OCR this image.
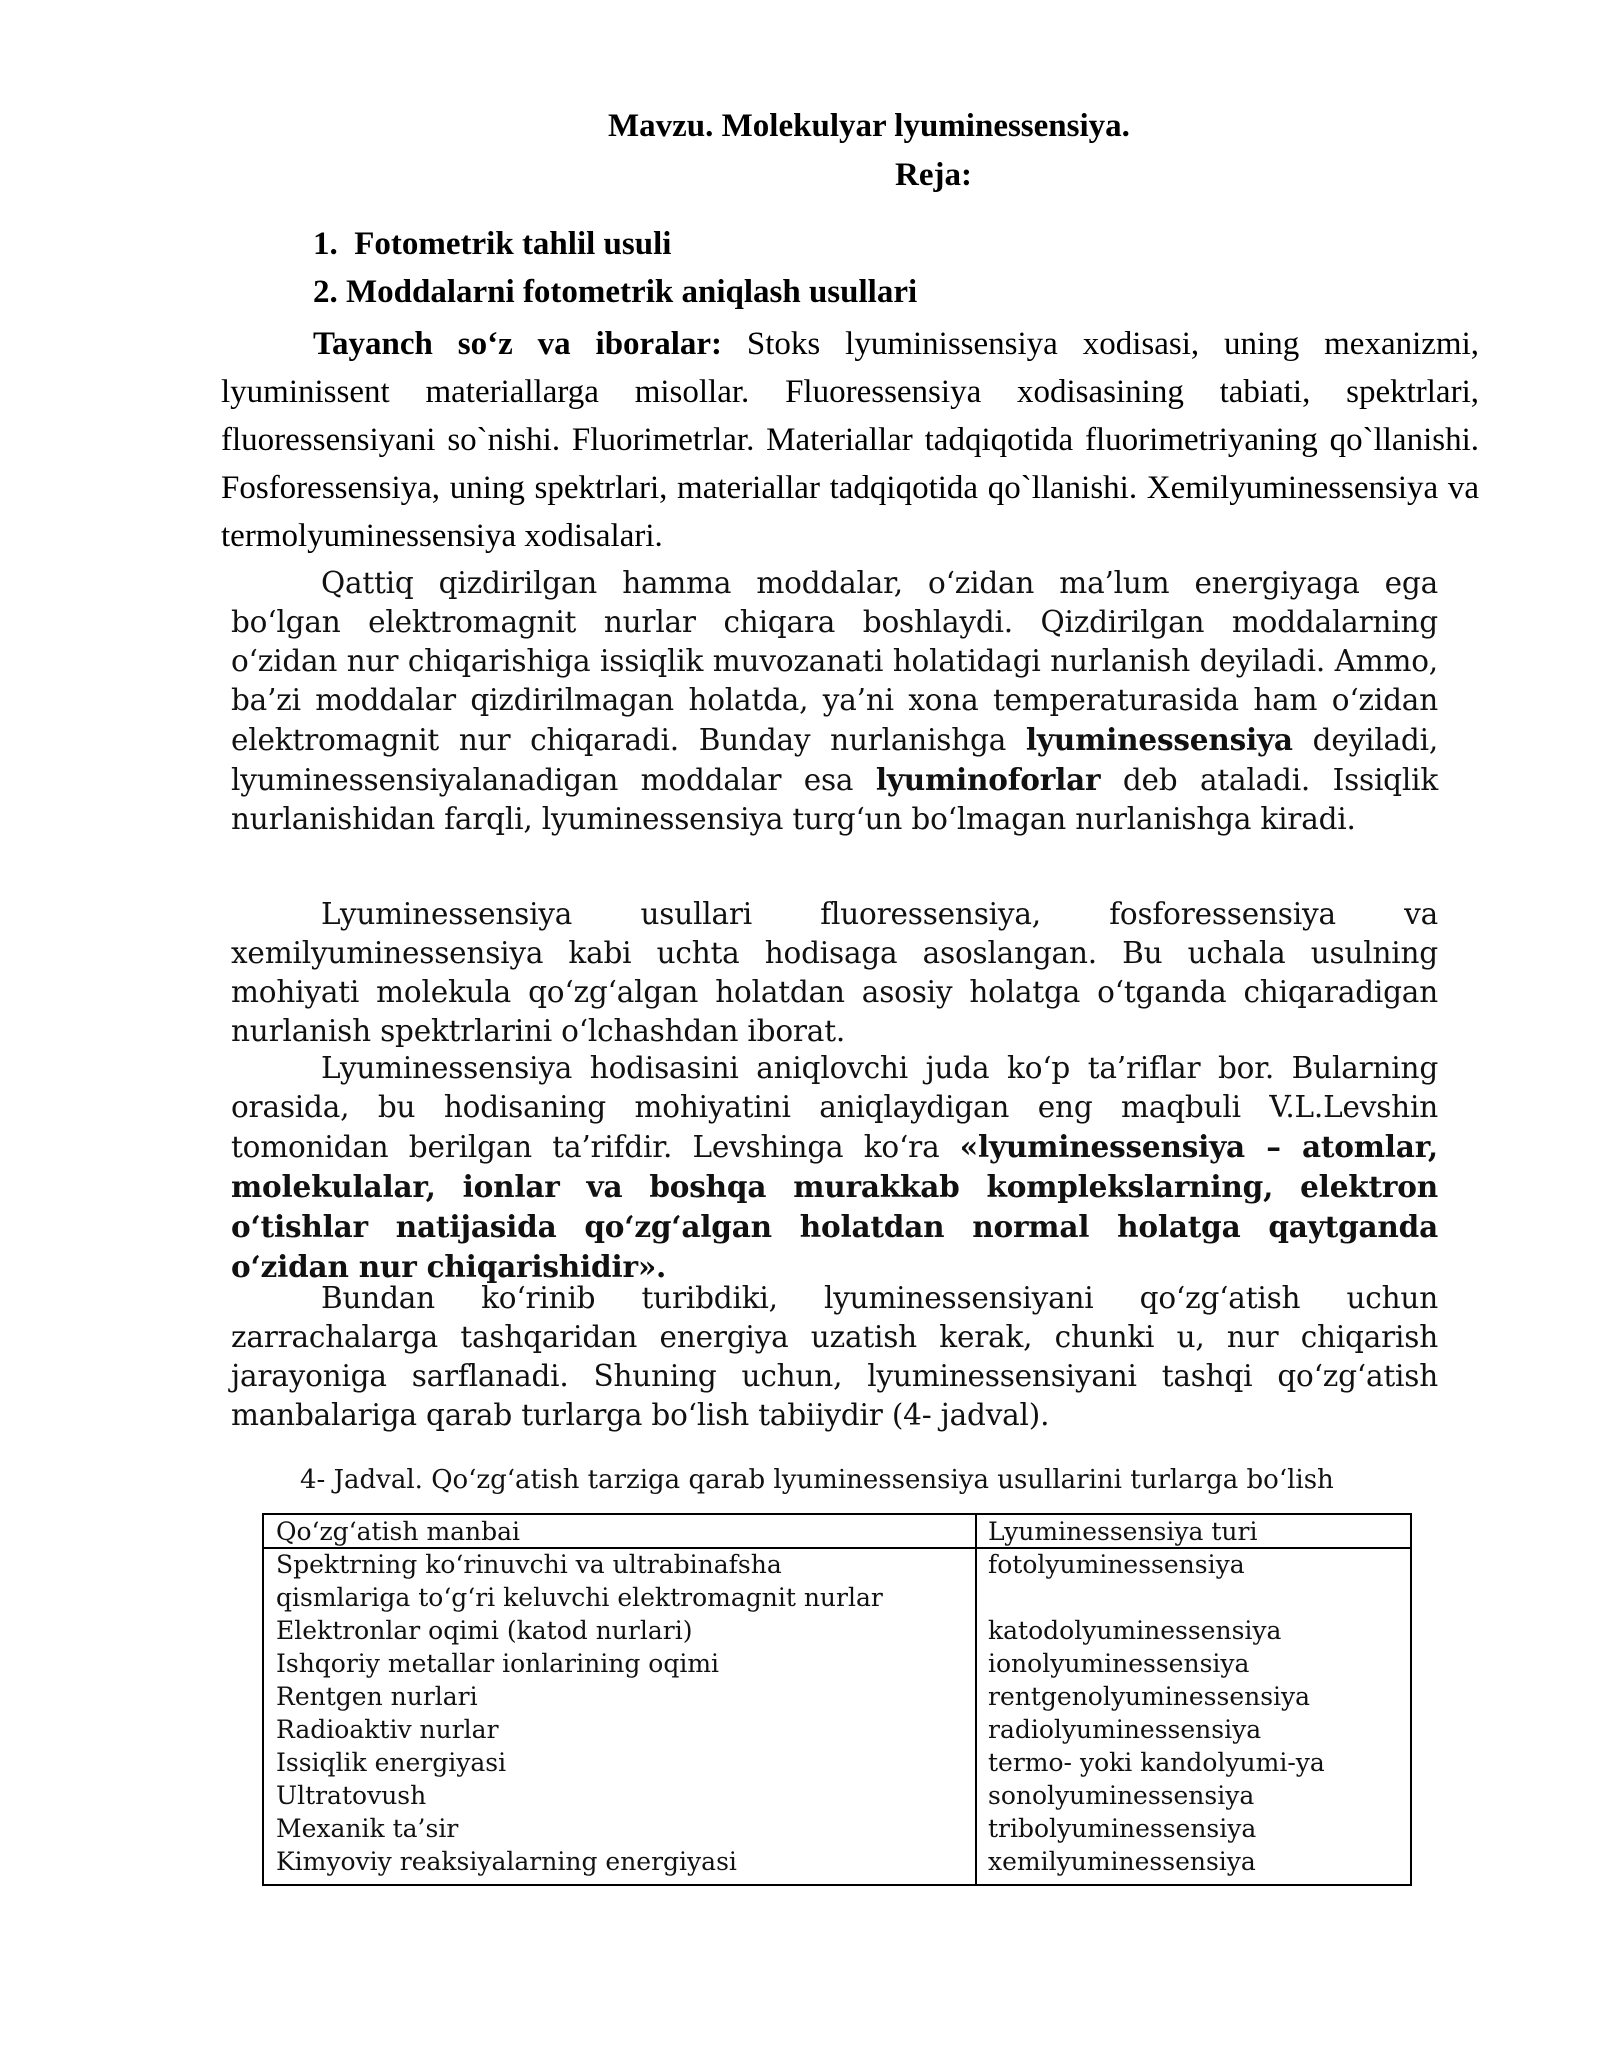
Mavzu. Molekulyar lyuminessensiya.
Reja:
1. Fotometrik tahlil usuli
2. Moddalarni fotometrik aniqlash usullari

Tayanch so‘z va iboralar: Stoks lyuminissensiya xodisasi, uning mexanizmi, lyuminissent materiallarga misollar. Fluoressensiya xodisasining tabiati, spektrlari, fluoressensiyani so`nishi. Fluorimetrlar. Materiallar tadqiqotida fluorimetriyaning qo`llanishi. Fosforessensiya, uning spektrlari, materiallar tadqiqotida qo`llanishi. Xemilyuminessensiya va termolyuminessensiya xodisalari.

Qattiq qizdirilgan hamma moddalar, o‘zidan ma’lum energiyaga ega bo‘lgan elektromagnit nurlar chiqara boshlaydi. Qizdirilgan moddalarning o‘zidan nur chiqarishiga issiqlik muvozanati holatidagi nurlanish deyiladi. Ammo, ba’zi moddalar qizdirilmagan holatda, ya’ni xona temperaturasida ham o‘zidan elektromagnit nur chiqaradi. Bunday nurlanishga lyuminessensiya deyiladi, lyuminessensiyalanadigan moddalar esa lyuminoforlar deb ataladi. Issiqlik nurlanishidan farqli, lyuminessensiya turg‘un bo‘lmagan nurlanishga kiradi.

Lyuminessensiya usullari fluoressensiya, fosforessensiya va xemilyuminessensiya kabi uchta hodisaga asoslangan. Bu uchala usulning mohiyati molekula qo‘zg‘algan holatdan asosiy holatga o‘tganda chiqaradigan nurlanish spektrlarini o‘lchashdan iborat.

Lyuminessensiya hodisasini aniqlovchi juda ko‘p ta’riflar bor. Bularning orasida, bu hodisaning mohiyatini aniqlaydigan eng maqbuli V.L.Levshin tomonidan berilgan ta’rifdir. Levshinga ko‘ra «lyuminessensiya – atomlar, molekulalar, ionlar va boshqa murakkab komplekslarning, elektron o‘tishlar natijasida qo‘zg‘algan holatdan normal holatga qaytganda o‘zidan nur chiqarishidir».

Bundan ko‘rinib turibdiki, lyuminessensiyani qo‘zg‘atish uchun zarrachalarga tashqaridan energiya uzatish kerak, chunki u, nur chiqarish jarayoniga sarflanadi. Shuning uchun, lyuminessensiyani tashqi qo‘zg‘atish manbalariga qarab turlarga bo‘lish tabiiydir (4- jadval).

4- Jadval. Qo‘zg‘atish tarziga qarab lyuminessensiya usullarini turlarga bo‘lish
Qo‘zg‘atish manbai	Lyuminessensiya turi
Spektrning ko‘rinuvchi va ultrabinafsha	fotolyuminessensiya
qismlariga to‘g‘ri keluvchi elektromagnit nurlar
Elektronlar oqimi (katod nurlari)	katodolyuminessensiya
Ishqoriy metallar ionlarining oqimi	ionolyuminessensiya
Rentgen nurlari	rentgenolyuminessensiya
Radioaktiv nurlar	radiolyuminessensiya
Issiqlik energiyasi	termo- yoki kandolyumi-ya
Ultratovush	sonolyuminessensiya
Mexanik ta’sir	tribolyuminessensiya
Kimyoviy reaksiyalarning energiyasi	xemilyuminessensiya
